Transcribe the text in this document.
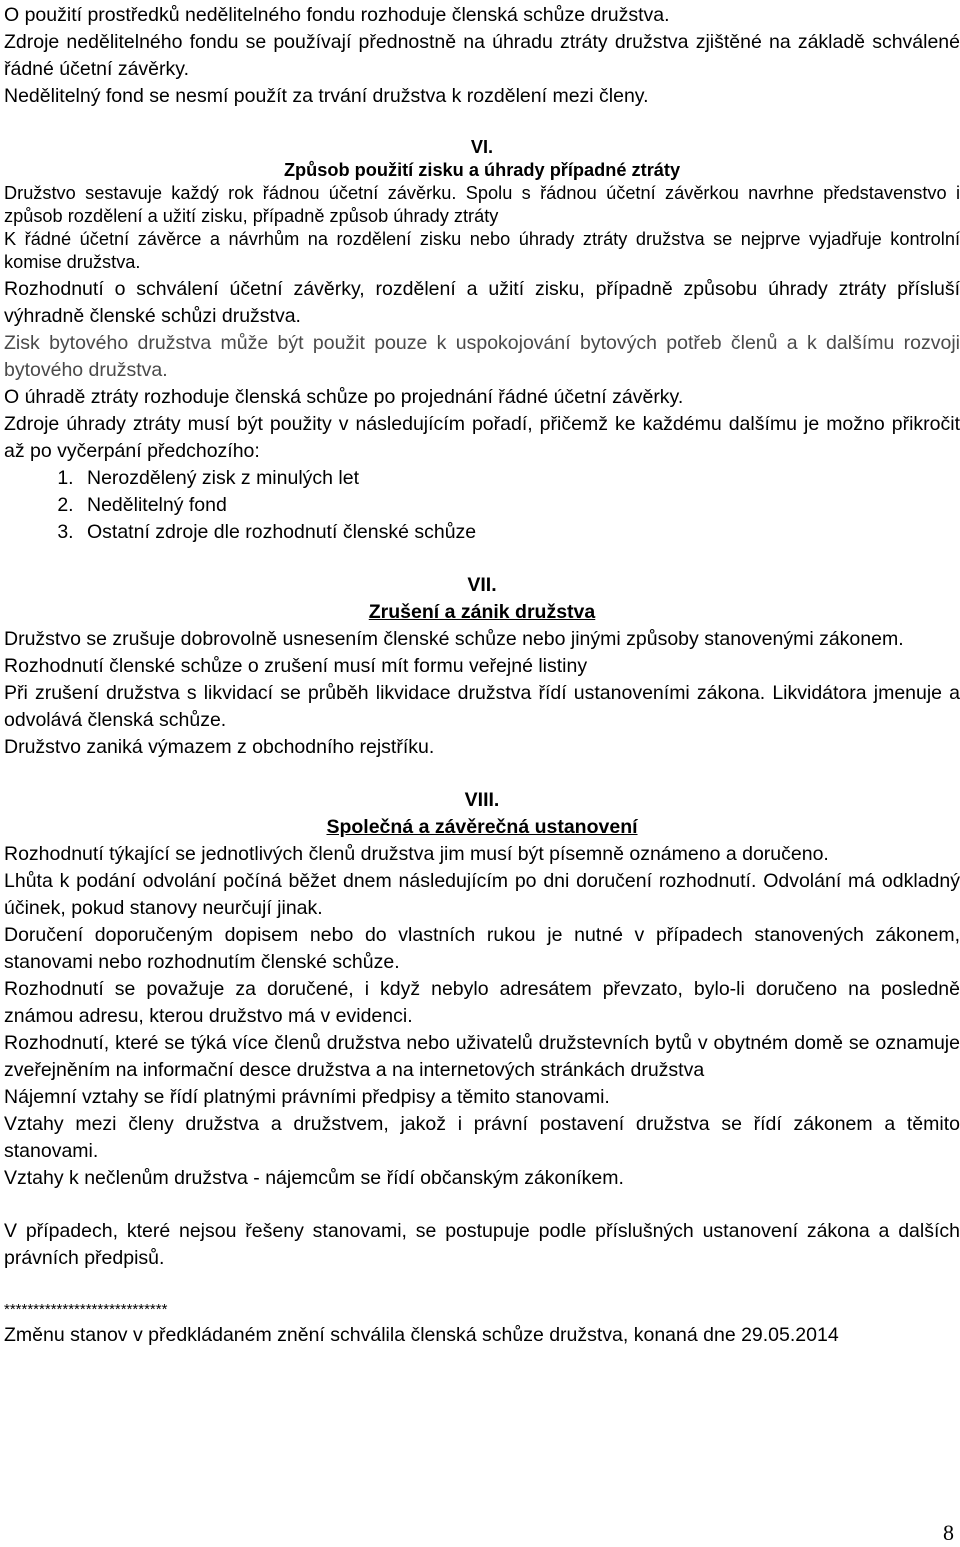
O použití prostředků nedělitelného fondu rozhoduje členská schůze družstva.

Zdroje nedělitelného fondu se používají přednostně na úhradu ztráty družstva zjištěné na základě schválené řádné účetní závěrky.

Nedělitelný fond se nesmí použít za trvání družstva k rozdělení mezi členy.

VI.

Způsob použití zisku a úhrady případné ztráty

Družstvo sestavuje každý rok řádnou účetní závěrku. Spolu s řádnou účetní závěrkou navrhne představenstvo i způsob rozdělení a užití zisku, případně způsob úhrady ztráty

K řádné účetní závěrce a návrhům na rozdělení zisku nebo úhrady ztráty družstva se nejprve vyjadřuje kontrolní komise družstva.

Rozhodnutí o schválení účetní závěrky, rozdělení a užití zisku, případně způsobu úhrady ztráty přísluší výhradně členské schůzi družstva.

Zisk bytového družstva může být použit pouze k uspokojování bytových potřeb členů a k dalšímu rozvoji bytového družstva.

O úhradě ztráty rozhoduje členská schůze po projednání řádné účetní závěrky.

Zdroje úhrady ztráty musí být použity v následujícím pořadí, přičemž ke každému dalšímu je možno přikročit až po vyčerpání předchozího:

1. Nerozdělený zisk z minulých let
2. Nedělitelný fond
3. Ostatní zdroje dle rozhodnutí členské schůze

VII.

Zrušení a zánik družstva

Družstvo se zrušuje dobrovolně usnesením členské schůze nebo jinými způsoby stanovenými zákonem.

Rozhodnutí členské schůze o zrušení musí mít formu veřejné listiny

Při zrušení družstva s likvidací se průběh likvidace družstva řídí ustanoveními zákona. Likvidátora jmenuje a odvolává členská schůze.

Družstvo zaniká výmazem z obchodního rejstříku.

VIII.

Společná a závěrečná ustanovení

Rozhodnutí týkající se jednotlivých členů družstva jim musí být písemně oznámeno a doručeno.

Lhůta k podání odvolání počíná běžet dnem následujícím po dni doručení rozhodnutí. Odvolání má odkladný účinek, pokud stanovy neurčují jinak.

Doručení doporučeným dopisem nebo do vlastních rukou je nutné v případech stanovených zákonem, stanovami nebo rozhodnutím členské schůze.

Rozhodnutí se považuje za doručené, i když nebylo adresátem převzato, bylo-li doručeno na posledně známou adresu, kterou družstvo má v evidenci.

Rozhodnutí, které se týká více členů družstva nebo uživatelů družstevních bytů v obytném domě se oznamuje zveřejněním na informační desce družstva a na internetových stránkách družstva

Nájemní vztahy se řídí platnými právními předpisy a těmito stanovami.

Vztahy mezi členy družstva a družstvem, jakož i právní postavení družstva se řídí zákonem a těmito stanovami.

Vztahy k nečlenům družstva - nájemcům se řídí občanským zákoníkem.

V případech, které nejsou řešeny stanovami, se postupuje podle příslušných ustanovení zákona a dalších právních předpisů.

****************************

Změnu stanov v předkládaném znění schválila členská schůze družstva, konaná dne 29.05.2014

8
